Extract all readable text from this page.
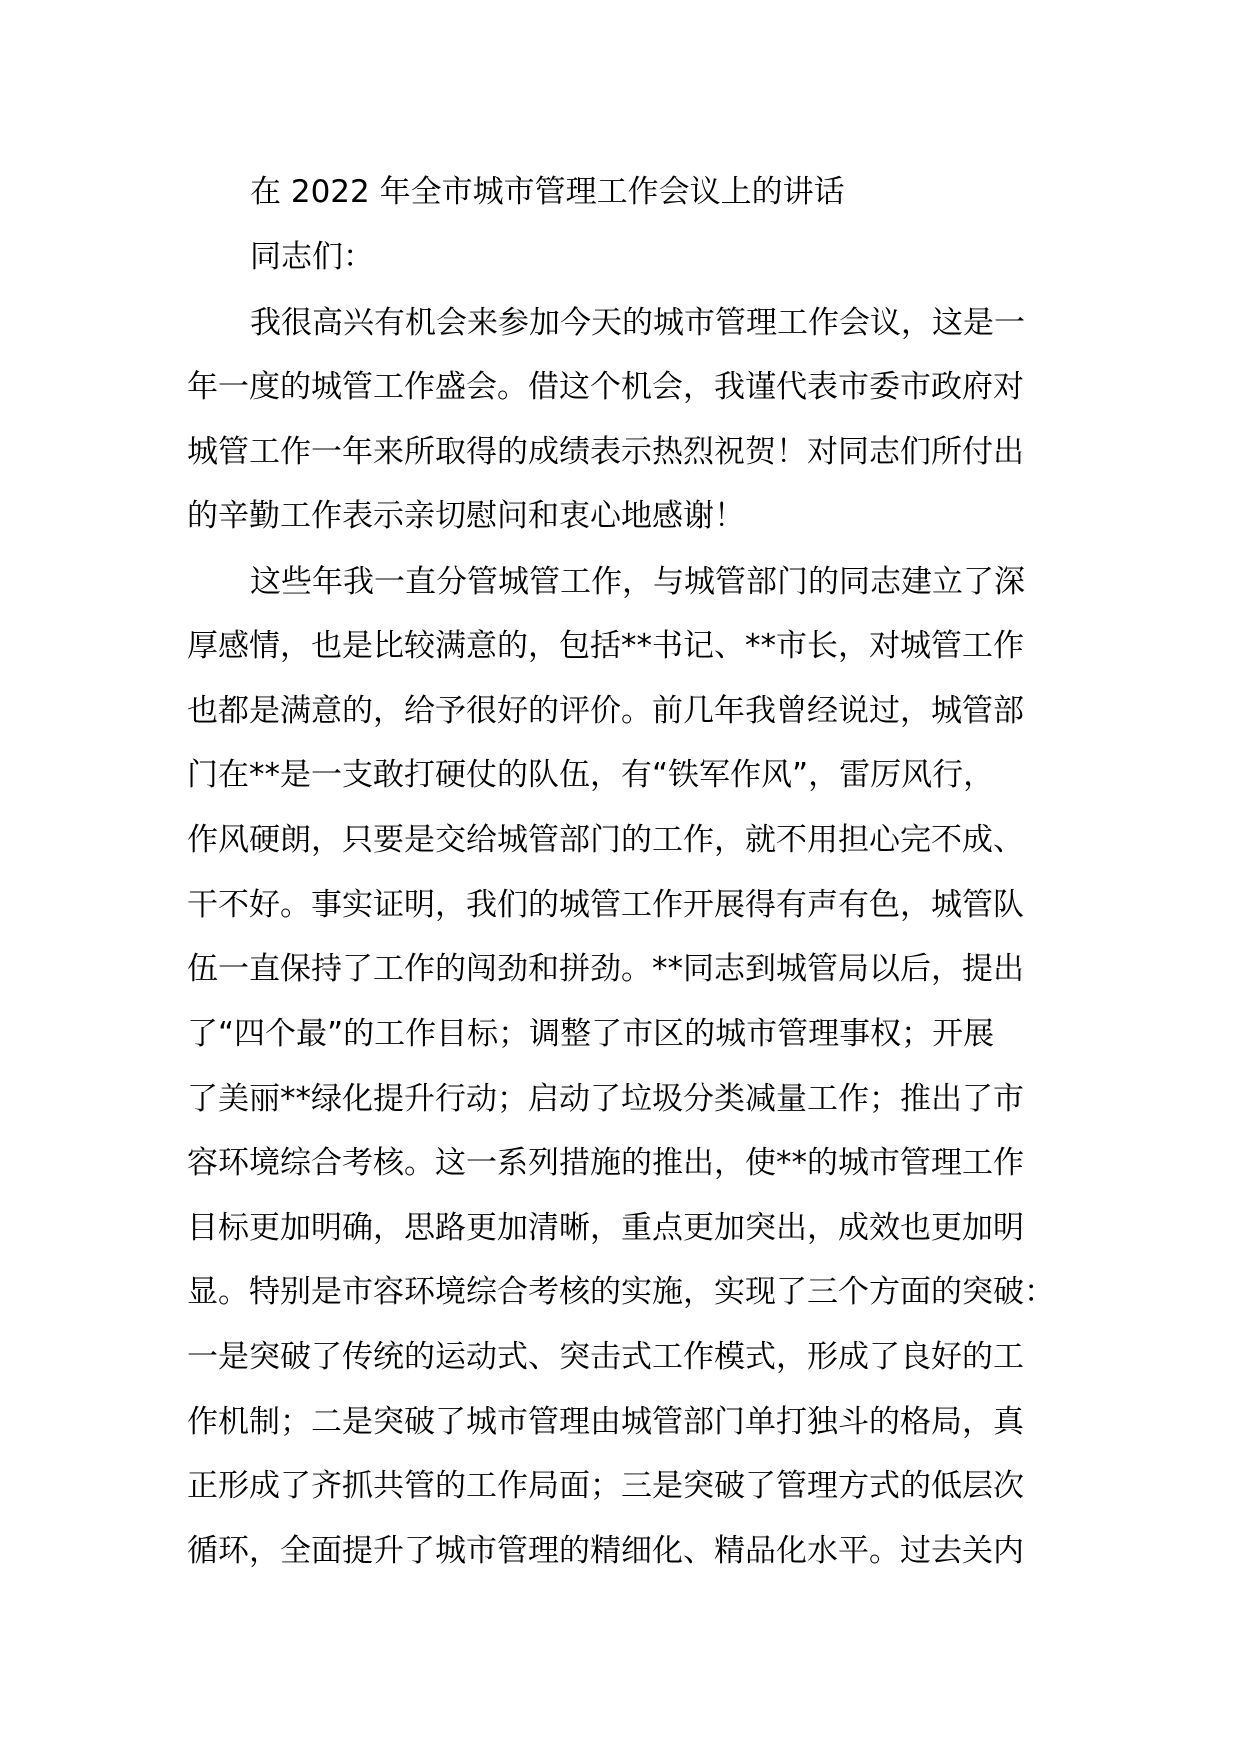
在 2022 年全市城市管理工作会议上的讲话
同志们：
我很高兴有机会来参加今天的城市管理工作会议，这是一
年一度的城管工作盛会。借这个机会，我谨代表市委市政府对
城管工作一年来所取得的成绩表示热烈祝贺！对同志们所付出
的辛勤工作表示亲切慰问和衷心地感谢！
这些年我一直分管城管工作，与城管部门的同志建立了深
厚感情，也是比较满意的，包括**书记、**市长，对城管工作
也都是满意的，给予很好的评价。前几年我曾经说过，城管部
门在**是一支敢打硬仗的队伍，有“铁军作风”，雷厉风行，
作风硬朗，只要是交给城管部门的工作，就不用担心完不成、
干不好。事实证明，我们的城管工作开展得有声有色，城管队
伍一直保持了工作的闯劲和拼劲。**同志到城管局以后，提出
了“四个最”的工作目标；调整了市区的城市管理事权；开展
了美丽**绿化提升行动；启动了垃圾分类减量工作；推出了市
容环境综合考核。这一系列措施的推出，使**的城市管理工作
目标更加明确，思路更加清晰，重点更加突出，成效也更加明
显。特别是市容环境综合考核的实施，实现了三个方面的突破：
一是突破了传统的运动式、突击式工作模式，形成了良好的工
作机制；二是突破了城市管理由城管部门单打独斗的格局，真
正形成了齐抓共管的工作局面；三是突破了管理方式的低层次
循环，全面提升了城市管理的精细化、精品化水平。过去关内
